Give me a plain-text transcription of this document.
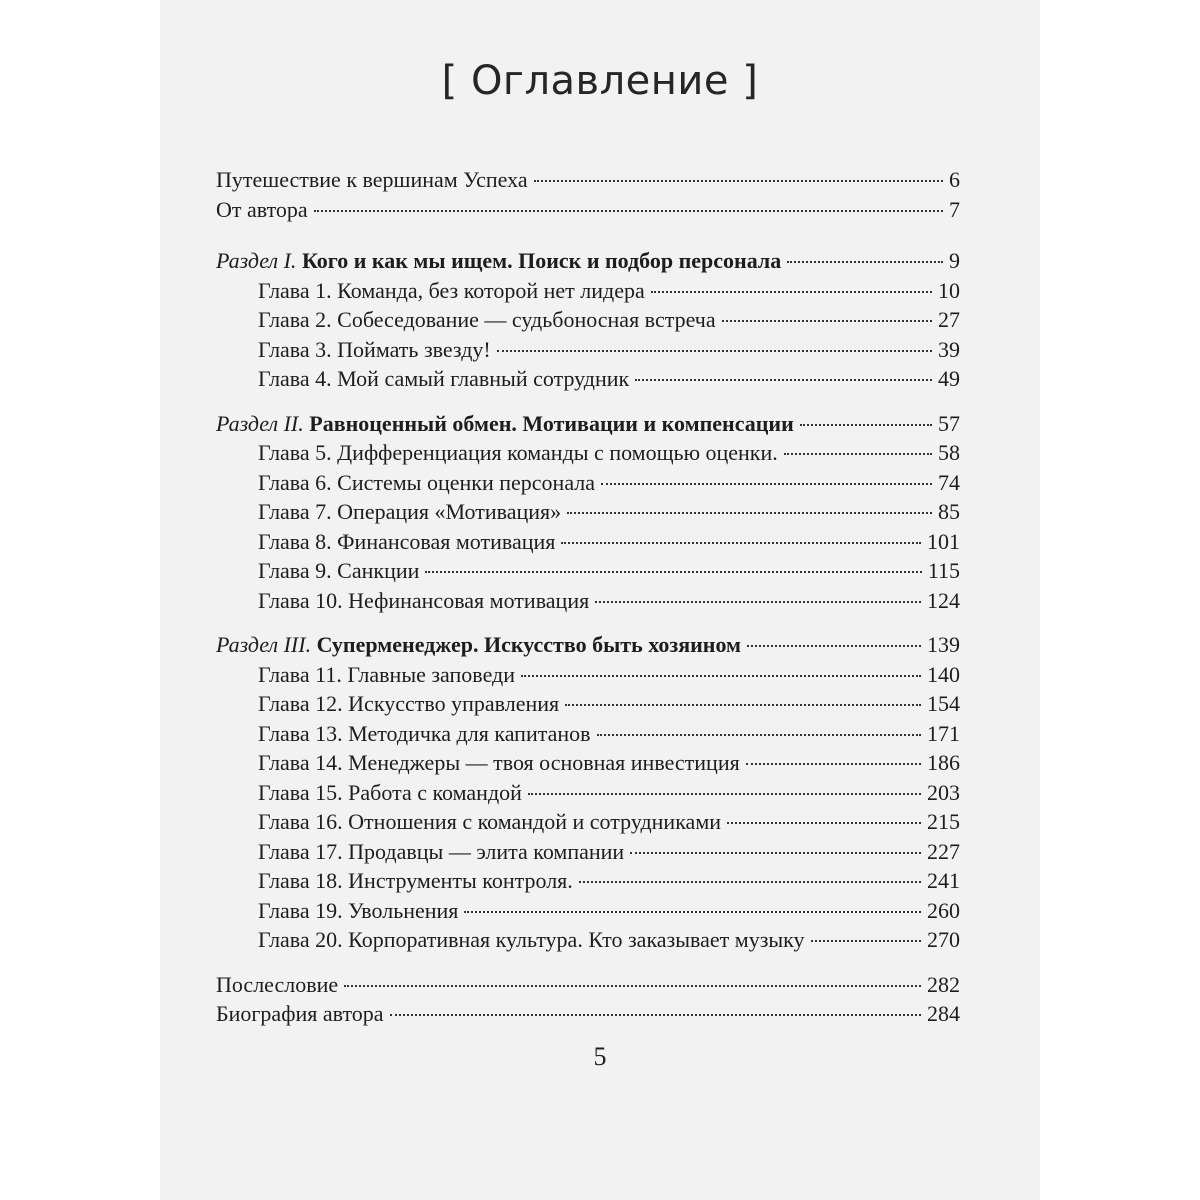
[ Оглавление ]
Путешествие к вершинам Успеха	6
От автора	7
Раздел I. Кого и как мы ищем. Поиск и подбор персонала	9
Глава 1. Команда, без которой нет лидера	10
Глава 2. Собеседование — судьбоносная встреча	27
Глава 3. Поймать звезду!	39
Глава 4. Мой самый главный сотрудник	49
Раздел II. Равноценный обмен. Мотивации и компенсации	57
Глава 5. Дифференциация команды с помощью оценки.	58
Глава 6. Системы оценки персонала	74
Глава 7. Операция «Мотивация»	85
Глава 8. Финансовая мотивация	101
Глава 9. Санкции	115
Глава 10. Нефинансовая мотивация	124
Раздел III. Суперменеджер. Искусство быть хозяином	139
Глава 11. Главные заповеди	140
Глава 12. Искусство управления	154
Глава 13. Методичка для капитанов	171
Глава 14. Менеджеры — твоя основная инвестиция	186
Глава 15. Работа с командой	203
Глава 16. Отношения с командой и сотрудниками	215
Глава 17. Продавцы — элита компании	227
Глава 18. Инструменты контроля.	241
Глава 19. Увольнения	260
Глава 20. Корпоративная культура. Кто заказывает музыку	270
Послесловие	282
Биография автора	284
5
